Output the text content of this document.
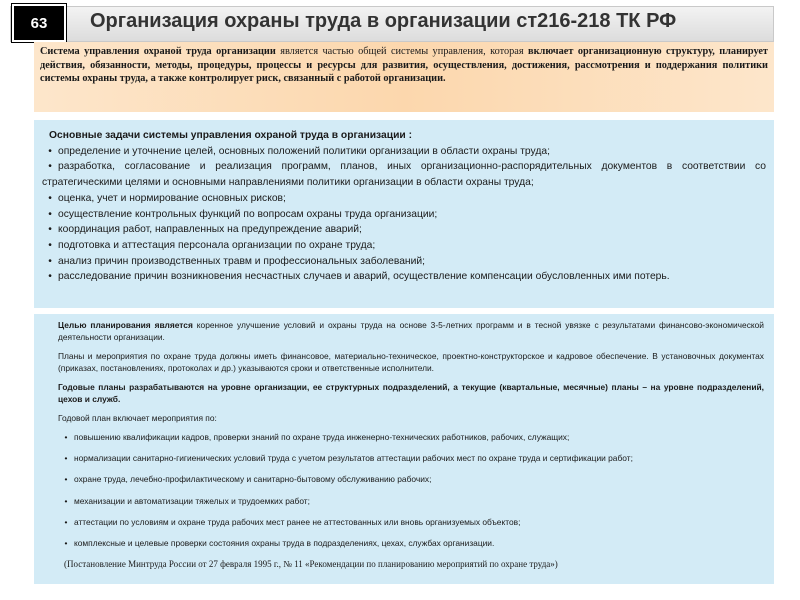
63	Организация охраны труда в организации ст216-218 ТК РФ
Система управления охраной труда организации является частью общей системы управления, которая включает организационную структуру, планирует действия, обязанности, методы, процедуры, процессы и ресурсы для развития, осуществления, достижения, рассмотрения и поддержания политики системы охраны труда, а также контролирует риск, связанный с работой организации.
Основные задачи системы управления охраной труда в организации :
• определение и уточнение целей, основных положений политики организации в области охраны труда;
• разработка, согласование и реализация программ, планов, иных организационно-распорядительных документов в соответствии со стратегическими целями и основными направлениями политики организации в области охраны труда;
• оценка, учет и нормирование основных рисков;
• осуществление контрольных функций по вопросам охраны труда организации;
• координация работ, направленных на предупреждение аварий;
• подготовка и аттестация персонала организации по охране труда;
• анализ причин производственных травм и профессиональных заболеваний;
• расследование причин возникновения несчастных случаев и аварий, осуществление компенсации обусловленных ими потерь.

Целью планирования является коренное улучшение условий и охраны труда на основе 3-5-летних программ и в тесной увязке с результатами финансово-экономической деятельности организации.

Планы и мероприятия по охране труда должны иметь финансовое, материально-техническое, проектно-конструкторское и кадровое обеспечение. В установочных документах (приказах, постановлениях, протоколах и др.) указываются сроки и ответственные исполнители.

Годовые планы разрабатываются на уровне организации, ее структурных подразделений, а текущие (квартальные, месячные) планы – на уровне подразделений, цехов и служб.

Годовой план включает мероприятия по:

• повышению квалификации кадров, проверки знаний по охране труда инженерно-технических работников, рабочих, служащих;
• нормализации санитарно-гигиенических условий труда с учетом результатов аттестации рабочих мест по охране труда и сертификации работ;
• охране труда, лечебно-профилактическому и санитарно-бытовому обслуживанию рабочих;
• механизации и автоматизации тяжелых и трудоемких работ;
• аттестации по условиям и охране труда рабочих мест ранее не аттестованных или вновь организуемых объектов;
• комплексные и целевые проверки состояния охраны труда в подразделениях, цехах, службах организации.
(Постановление Минтруда России от 27 февраля 1995 г., № 11 «Рекомендации по планированию мероприятий по охране труда»)
